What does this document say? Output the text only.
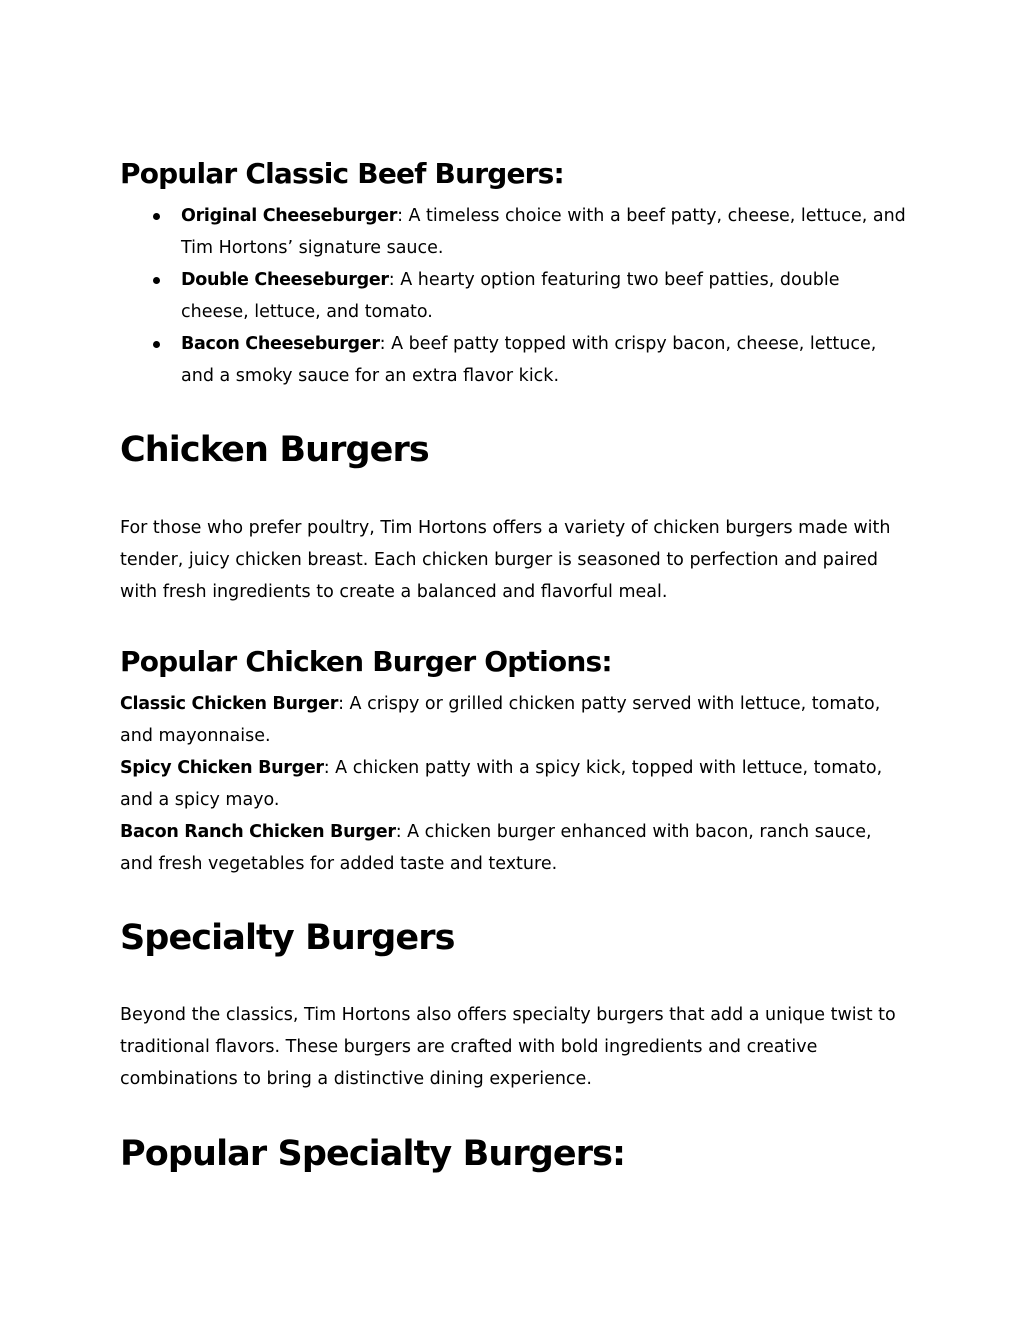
Popular Classic Beef Burgers:
Original Cheeseburger: A timeless choice with a beef patty, cheese, lettuce, and Tim Hortons’ signature sauce.
Double Cheeseburger: A hearty option featuring two beef patties, double cheese, lettuce, and tomato.
Bacon Cheeseburger: A beef patty topped with crispy bacon, cheese, lettuce, and a smoky sauce for an extra flavor kick.
Chicken Burgers

For those who prefer poultry, Tim Hortons offers a variety of chicken burgers made with tender, juicy chicken breast. Each chicken burger is seasoned to perfection and paired with fresh ingredients to create a balanced and flavorful meal.

Popular Chicken Burger Options:
Classic Chicken Burger: A crispy or grilled chicken patty served with lettuce, tomato, and mayonnaise.
Spicy Chicken Burger: A chicken patty with a spicy kick, topped with lettuce, tomato, and a spicy mayo.
Bacon Ranch Chicken Burger: A chicken burger enhanced with bacon, ranch sauce, and fresh vegetables for added taste and texture.
Specialty Burgers

Beyond the classics, Tim Hortons also offers specialty burgers that add a unique twist to traditional flavors. These burgers are crafted with bold ingredients and creative combinations to bring a distinctive dining experience.

Popular Specialty Burgers:
